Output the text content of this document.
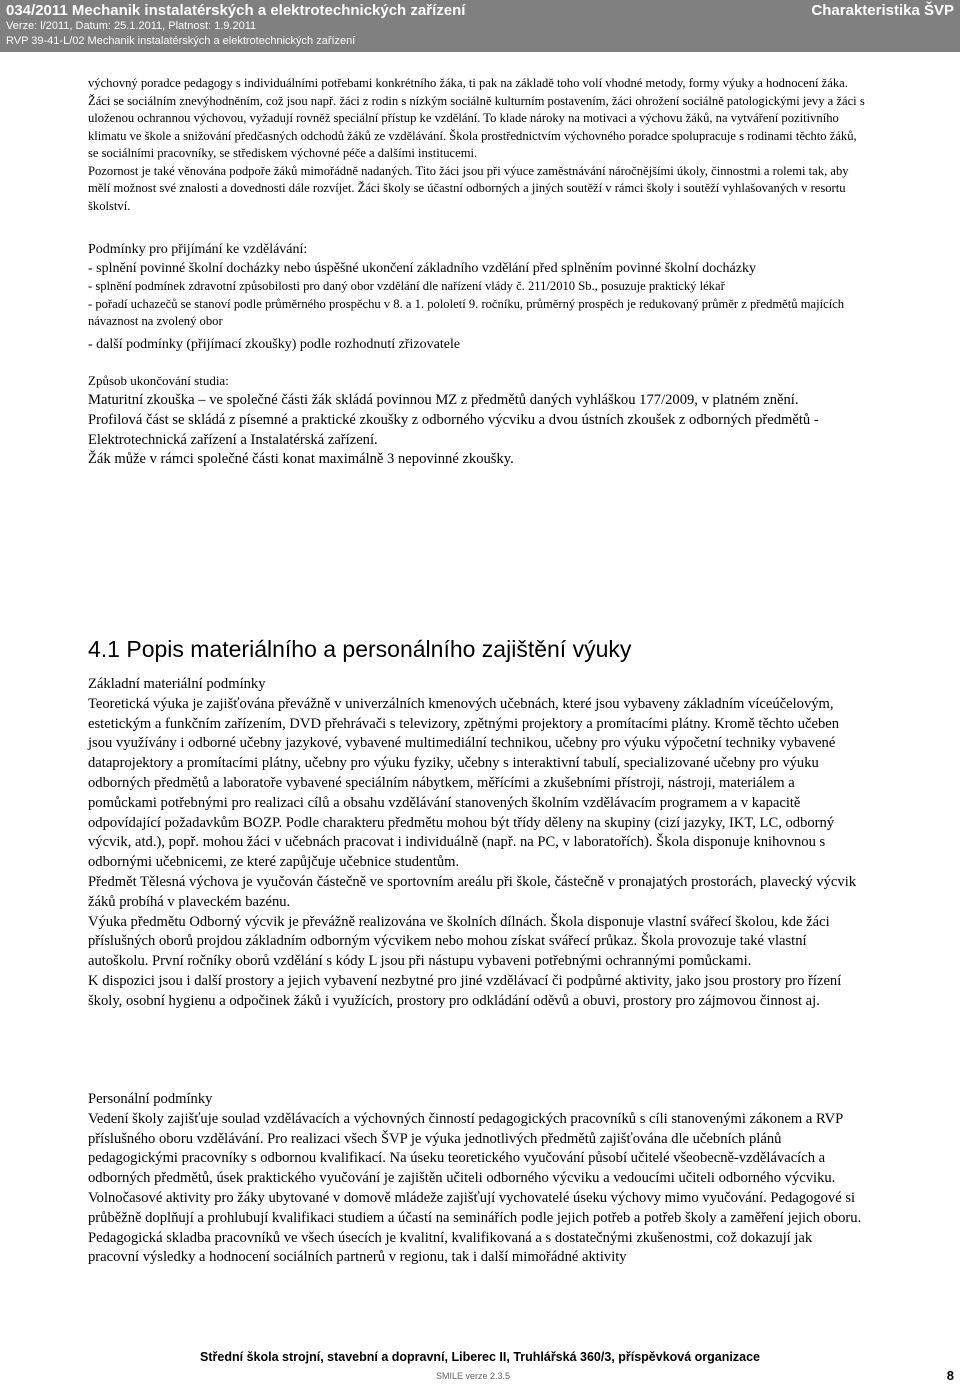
034/2011 Mechanik instalatérských a elektrotechnických zařízení
Verze: l/2011, Datum: 25.1.2011, Platnost: 1.9.2011
RVP 39-41-L/02 Mechanik instalatérských a elektrotechnických zařízení
Charakteristika ŠVP

výchovný poradce pedagogy s individuálními potřebami konkrétního žáka, ti pak na základě toho volí vhodné metody, formy výuky a hodnocení žáka.

Žáci se sociálním znevýhodněním, což jsou např. žáci z rodin s nízkým sociálně kulturním postavením, žáci ohrožení sociálně patologickými jevy a žáci s uloženou ochrannou výchovou, vyžadují rovněž speciální přístup ke vzdělání. To klade nároky na motivaci a výchovu žáků, na vytváření pozitivního klimatu ve škole a snižování předčasných odchodů žáků ze vzdělávání. Škola prostřednictvím výchovného poradce spolupracuje s rodinami těchto žáků, se sociálními pracovníky, se střediskem výchovné péče a dalšími institucemi.

Pozornost je také věnována podpoře žáků mimořádně nadaných. Tito žáci jsou při výuce zaměstnávání náročnějšími úkoly, činnostmi a rolemi tak, aby mělí možnost své znalosti a dovednosti dále rozvíjet. Žáci školy se účastní odborných a jiných soutěží v rámci školy i soutěží vyhlašovaných v resortu školství.

Podmínky pro přijímání ke vzdělávání:

- splnění povinné školní docházky nebo úspěšné ukončení základního vzdělání před splněním povinné školní docházky

- splnění podmínek zdravotní způsobilosti pro daný obor vzdělání dle nařízení vlády č. 211/2010 Sb., posuzuje praktický lékař

- pořadí uchazečů se stanoví podle průměrného prospěchu v 8. a 1. pololetí 9. ročníku, průměrný prospěch je redukovaný průměr z předmětů majících návaznost na zvolený obor

- další podmínky (přijímací zkoušky) podle rozhodnutí zřizovatele

Způsob ukončování studia:

Maturitní zkouška – ve společné části žák skládá povinnou MZ z předmětů daných vyhláškou 177/2009, v platném znění.

Profilová část se skládá z písemné a praktické zkoušky z odborného výcviku a dvou ústních zkoušek z odborných předmětů - Elektrotechnická zařízení a Instalatérská zařízení.

Žák může v rámci společné části konat maximálně 3 nepovinné zkoušky.

4.1 Popis materiálního a personálního zajištění výuky

Základní materiální podmínky

Teoretická výuka je zajišťována převážně v univerzálních kmenových učebnách, které jsou vybaveny základním víceúčelovým, estetickým a funkčním zařízením, DVD přehrávači s televizory, zpětnými projektory a promítacími plátny. Kromě těchto učeben jsou využívány i odborné učebny jazykové, vybavené multimediální technikou, učebny pro výuku výpočetní techniky vybavené dataprojektory a promítacími plátny, učebny pro výuku fyziky, učebny s interaktivní tabulí, specializované učebny pro výuku odborných předmětů a laboratoře vybavené speciálním nábytkem, měřícími a zkušebními přístroji, nástroji, materiálem a pomůckami potřebnými pro realizaci cílů a obsahu vzdělávání stanovených školním vzdělávacím programem a v kapacitě odpovídající požadavkům BOZP. Podle charakteru předmětu mohou být třídy děleny na skupiny (cizí jazyky, IKT, LC, odborný výcvik, atd.), popř. mohou žáci v učebnách pracovat i individuálně (např. na PC, v laboratořích). Škola disponuje knihovnou s odbornými učebnicemi, ze které zapůjčuje učebnice studentům.

Předmět Tělesná výchova je vyučován částečně ve sportovním areálu při škole, částečně v pronajatých prostorách, plavecký výcvik žáků probíhá v plaveckém bazénu.

Výuka předmětu Odborný výcvik je převážně realizována ve školních dílnách. Škola disponuje vlastní svářecí školou, kde žáci příslušných oborů projdou základním odborným výcvikem nebo mohou získat svářecí průkaz. Škola provozuje také vlastní autoškolu. První ročníky oborů vzdělání s kódy L jsou při nástupu vybaveni potřebnými ochrannými pomůckami.

K dispozici jsou i další prostory a jejich vybavení nezbytné pro jiné vzdělávací či podpůrné aktivity, jako jsou prostory pro řízení školy, osobní hygienu a odpočinek žáků i využících, prostory pro odkládání oděvů a obuvi, prostory pro zájmovou činnost aj.

Personální podmínky

Vedení školy zajišťuje soulad vzdělávacích a výchovných činností pedagogických pracovníků s cíli stanovenými zákonem a RVP příslušného oboru vzdělávání. Pro realizaci všech ŠVP je výuka jednotlivých předmětů zajišťována dle učebních plánů pedagogickými pracovníky s odbornou kvalifikací. Na úseku teoretického vyučování působí učitelé všeobecně-vzdělávacích a odborných předmětů, úsek praktického vyučování je zajištěn učiteli odborného výcviku a vedoucími učiteli odborného výcviku. Volnočasové aktivity pro žáky ubytované v domově mládeže zajišťují vychovatelé úseku výchovy mimo vyučování. Pedagogové si průběžně doplňují a prohlubují kvalifikaci studiem a účastí na seminářích podle jejich potřeb a potřeb školy a zaměření jejich oboru. Pedagogická skladba pracovníků ve všech úsecích je kvalitní, kvalifikovaná a s dostatečnými zkušenostmi, což dokazují jak pracovní výsledky a hodnocení sociálních partnerů v regionu, tak i další mimořádné aktivity

Střední škola strojní, stavební a dopravní, Liberec II, Truhlářská 360/3, příspěvková organizace
SMILE verze 2.3.5	8
